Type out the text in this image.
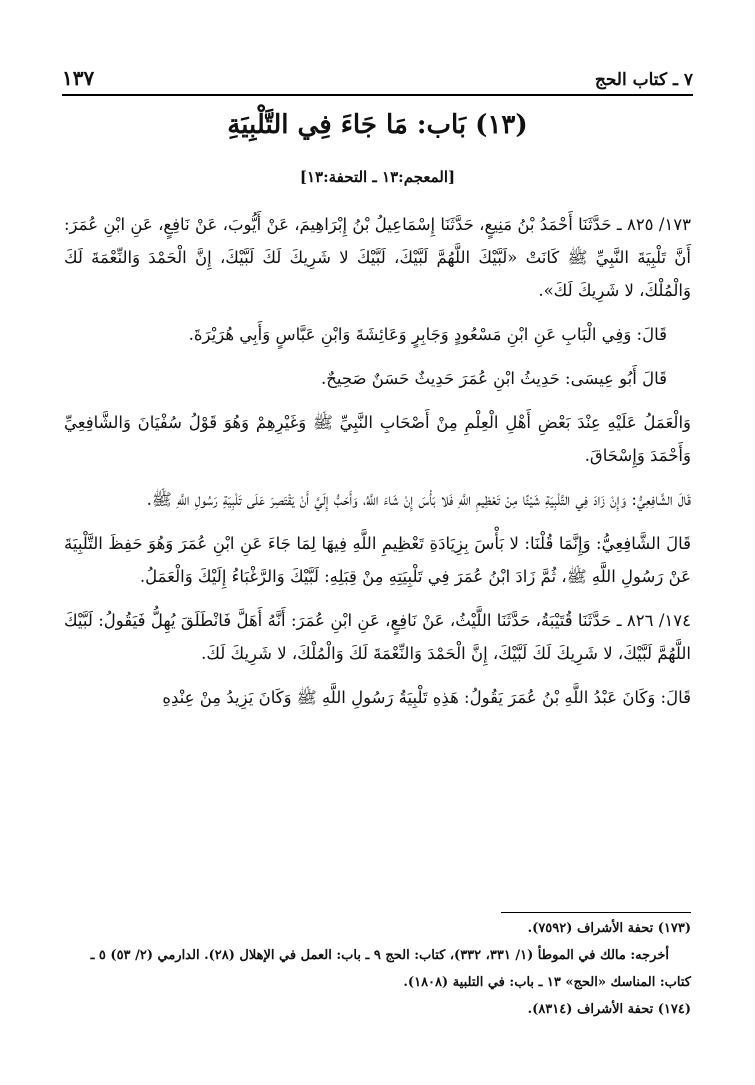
٧ ـ كتاب الحج
١٣٧
(١٣) بَاب: مَا جَاءَ فِي التَّلْبِيَةِ
[المعجم:١٣ ـ التحفة:١٣]

١٧٣/ ٨٢٥ ـ حَدَّثَنَا أَحْمَدُ بْنُ مَنِيعٍ، حَدَّثَنَا إِسْمَاعِيلُ بْنُ إِبْرَاهِيمَ، عَنْ أَيُّوبَ، عَنْ نَافِعٍ، عَنِ ابْنِ عُمَرَ: أَنَّ تَلْبِيَةَ النَّبِيِّ ﷺ كَانَتْ «لَبَّيْكَ اللَّهُمَّ لَبَّيْكَ، لَبَّيْكَ لا شَرِيكَ لَكَ لَبَّيْكَ، إِنَّ الْحَمْدَ وَالنِّعْمَةَ لَكَ وَالْمُلْكَ، لا شَرِيكَ لَكَ».

قَالَ: وَفِي الْبَابِ عَنِ ابْنِ مَسْعُودٍ وَجَابِرٍ وَعَائِشَةَ وَابْنِ عَبَّاسٍ وَأَبِي هُرَيْرَةَ.

قَالَ أَبُو عِيسَى: حَدِيثُ ابْنِ عُمَرَ حَدِيثٌ حَسَنٌ صَحِيحٌ.

وَالْعَمَلُ عَلَيْهِ عِنْدَ بَعْضِ أَهْلِ الْعِلْمِ مِنْ أَصْحَابِ النَّبِيِّ ﷺ وَغَيْرِهِمْ وَهُوَ قَوْلُ سُفْيَانَ وَالشَّافِعِيِّ وَأَحْمَدَ وَإِسْحَاقَ.

قَالَ الشَّافِعِيُّ: وَإِنْ زَادَ فِي التَّلْبِيَةِ شَيْئًا مِنْ تَعْظِيمِ اللَّهِ فَلا بَأْسَ إِنْ شَاءَ اللَّهُ، وَأَحَبُّ إِلَيَّ أَنْ يَقْتَصِرَ عَلَى تَلْبِيَةِ رَسُولِ اللَّهِ ﷺ.

قَالَ الشَّافِعِيُّ: وَإِنَّمَا قُلْنَا: لا بَأْسَ بِزِيَادَةِ تَعْظِيمِ اللَّهِ فِيهَا لِمَا جَاءَ عَنِ ابْنِ عُمَرَ وَهُوَ حَفِظَ التَّلْبِيَةَ عَنْ رَسُولِ اللَّهِ ﷺ، ثُمَّ زَادَ ابْنُ عُمَرَ فِي تَلْبِيَتِهِ مِنْ قِبَلِهِ: لَبَّيْكَ وَالرَّغْبَاءُ إِلَيْكَ وَالْعَمَلُ.

١٧٤/ ٨٢٦ ـ حَدَّثَنَا قُتَيْبَةُ، حَدَّثَنَا اللَّيْثُ، عَنْ نَافِعٍ، عَنِ ابْنِ عُمَرَ: أَنَّهُ أَهَلَّ فَانْطَلَقَ يُهِلُّ فَيَقُولُ: لَبَّيْكَ اللَّهُمَّ لَبَّيْكَ، لا شَرِيكَ لَكَ لَبَّيْكَ، إِنَّ الْحَمْدَ وَالنِّعْمَةَ لَكَ وَالْمُلْكَ، لا شَرِيكَ لَكَ.

قَالَ: وَكَانَ عَبْدُ اللَّهِ بْنُ عُمَرَ يَقُولُ: هَذِهِ تَلْبِيَةُ رَسُولِ اللَّهِ ﷺ وَكَانَ يَزِيدُ مِنْ عِنْدِهِ

(١٧٣) تحفة الأشراف (٧٥٩٢).
أخرجه: مالك في الموطأ (١/ ٣٣١، ٣٣٢)، كتاب: الحج ٩ ـ باب: العمل في الإهلال (٢٨). الدارمي (٢/ ٥٣) ٥ ـ كتاب: المناسك «الحج» ١٣ ـ باب: في التلبية (١٨٠٨).
(١٧٤) تحفة الأشراف (٨٣١٤).
